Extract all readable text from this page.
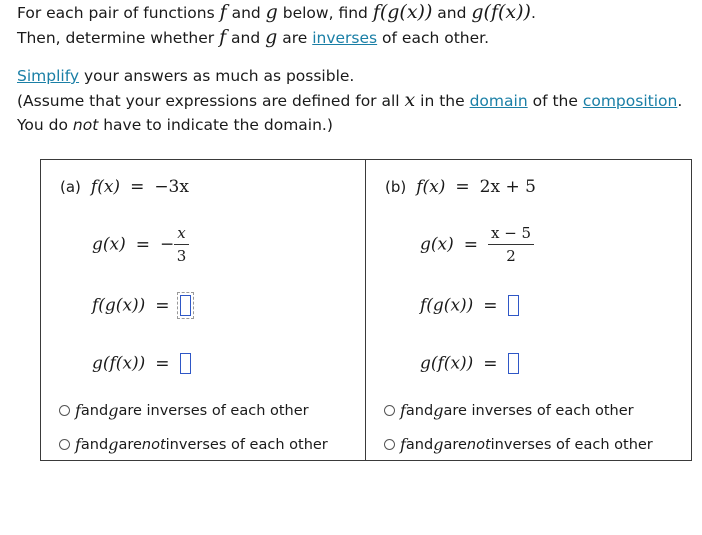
For each pair of functions f and g below, find f(g(x)) and g(f(x)).

Then, determine whether f and g are inverses of each other.

Simplify your answers as much as possible.

(Assume that your expressions are defined for all x in the domain of the composition.

You do not have to indicate the domain.)

(a) f(x) = −3x
g(x) = − $\frac{x}{3}$
f(g(x)) =
g(f(x)) =
f and g are inverses of each other
f and g are not inverses of each other
(b) f(x) = 2x + 5
$g(x) = \frac{x - 5}{2}$
f(g(x)) =
g(f(x)) =
f and g are inverses of each other
f and g are not inverses of each other
